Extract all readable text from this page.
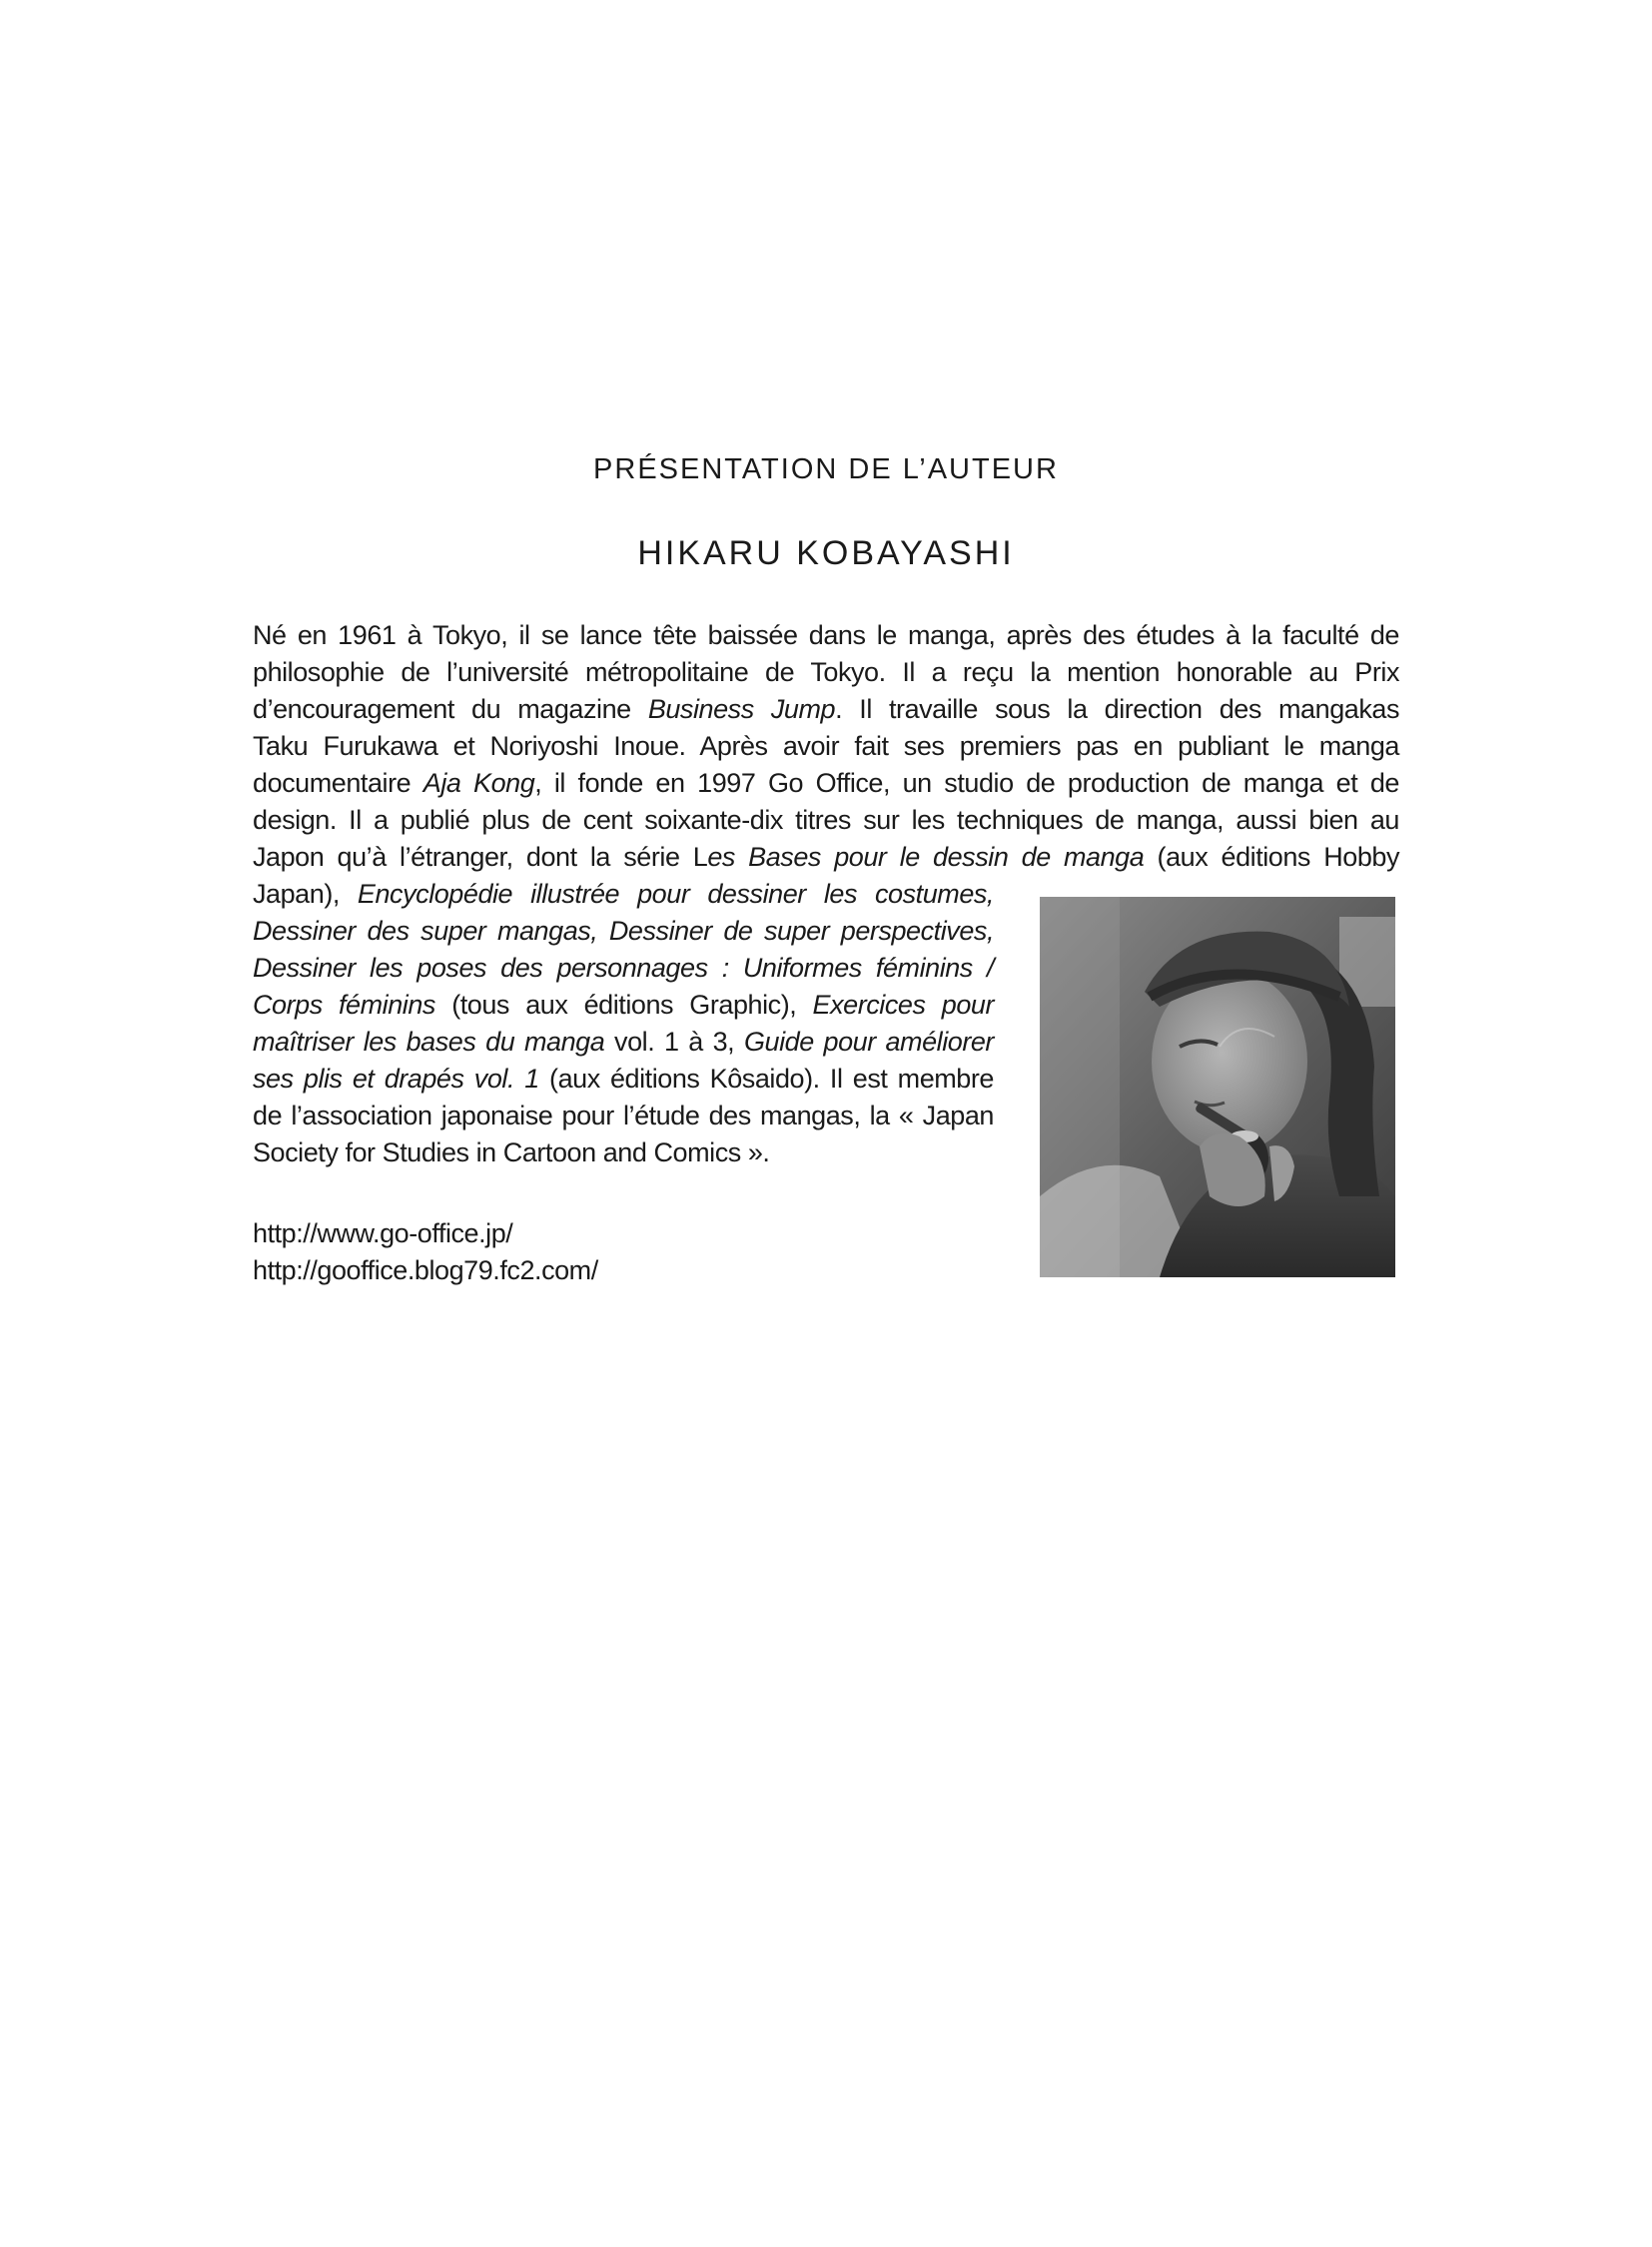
PRÉSENTATION DE L’AUTEUR
HIKARU KOBAYASHI
Né en 1961 à Tokyo, il se lance tête baissée dans le manga, après des études à la faculté de
philosophie de l’université métropolitaine de Tokyo. Il a reçu la mention honorable au Prix
d’encouragement du magazine Business Jump. Il travaille sous la direction des mangakas
Taku Furukawa et Noriyoshi Inoue. Après avoir fait ses premiers pas en publiant le manga
documentaire Aja Kong, il fonde en 1997 Go Office, un studio de production de manga et de
design. Il a publié plus de cent soixante-dix titres sur les techniques de manga, aussi bien au
Japon qu’à l’étranger, dont la série Les Bases pour le dessin de manga (aux éditions Hobby
Japan), Encyclopédie illustrée pour dessiner les costumes,
Dessiner des super mangas, Dessiner de super perspectives,
Dessiner les poses des personnages : Uniformes féminins /
Corps féminins (tous aux éditions Graphic), Exercices pour
maîtriser les bases du manga vol. 1 à 3, Guide pour améliorer
ses plis et drapés vol. 1 (aux éditions Kôsaido). Il est membre
de l’association japonaise pour l’étude des mangas, la « Japan
Society for Studies in Cartoon and Comics ».
http://www.go-office.jp/
http://gooffice.blog79.fc2.com/
